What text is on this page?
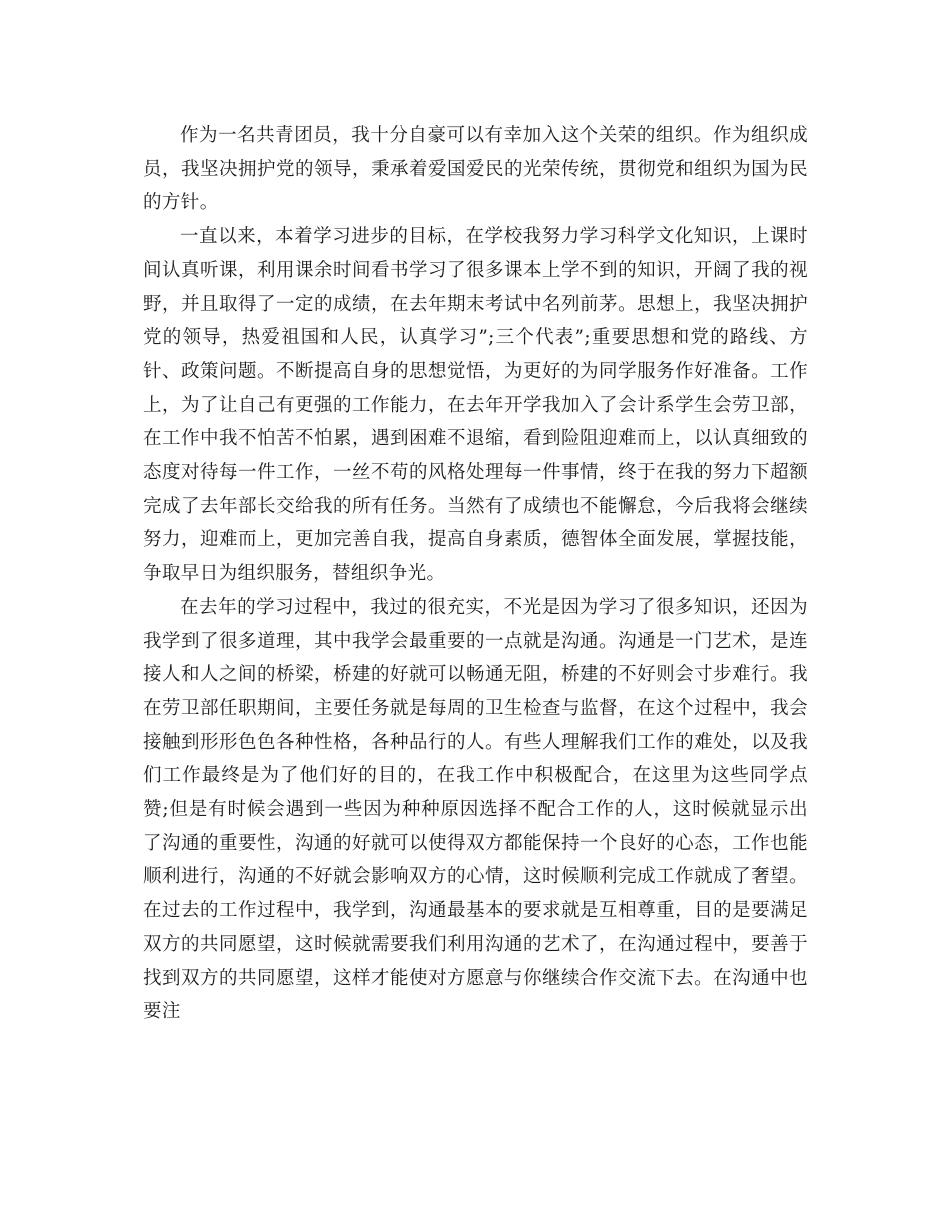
作为一名共青团员，我十分自豪可以有幸加入这个关荣的组织。作为组织成员，我坚决拥护党的领导，秉承着爱国爱民的光荣传统，贯彻党和组织为国为民的方针。

一直以来，本着学习进步的目标，在学校我努力学习科学文化知识，上课时间认真听课，利用课余时间看书学习了很多课本上学不到的知识，开阔了我的视野，并且取得了一定的成绩，在去年期末考试中名列前茅。思想上，我坚决拥护党的领导，热爱祖国和人民，认真学习”;三个代表”;重要思想和党的路线、方针、政策问题。不断提高自身的思想觉悟，为更好的为同学服务作好准备。工作上，为了让自己有更强的工作能力，在去年开学我加入了会计系学生会劳卫部，在工作中我不怕苦不怕累，遇到困难不退缩，看到险阻迎难而上，以认真细致的态度对待每一件工作，一丝不苟的风格处理每一件事情，终于在我的努力下超额完成了去年部长交给我的所有任务。当然有了成绩也不能懈怠，今后我将会继续努力，迎难而上，更加完善自我，提高自身素质，德智体全面发展，掌握技能，争取早日为组织服务，替组织争光。

在去年的学习过程中，我过的很充实，不光是因为学习了很多知识，还因为我学到了很多道理，其中我学会最重要的一点就是沟通。沟通是一门艺术，是连接人和人之间的桥梁，桥建的好就可以畅通无阻，桥建的不好则会寸步难行。我在劳卫部任职期间，主要任务就是每周的卫生检查与监督，在这个过程中，我会接触到形形色色各种性格，各种品行的人。有些人理解我们工作的难处，以及我们工作最终是为了他们好的目的，在我工作中积极配合，在这里为这些同学点赞;但是有时候会遇到一些因为种种原因选择不配合工作的人，这时候就显示出了沟通的重要性，沟通的好就可以使得双方都能保持一个良好的心态，工作也能顺利进行，沟通的不好就会影响双方的心情，这时候顺利完成工作就成了奢望。在过去的工作过程中，我学到，沟通最基本的要求就是互相尊重，目的是要满足双方的共同愿望，这时候就需要我们利用沟通的艺术了，在沟通过程中，要善于找到双方的共同愿望，这样才能使对方愿意与你继续合作交流下去。在沟通中也要注
